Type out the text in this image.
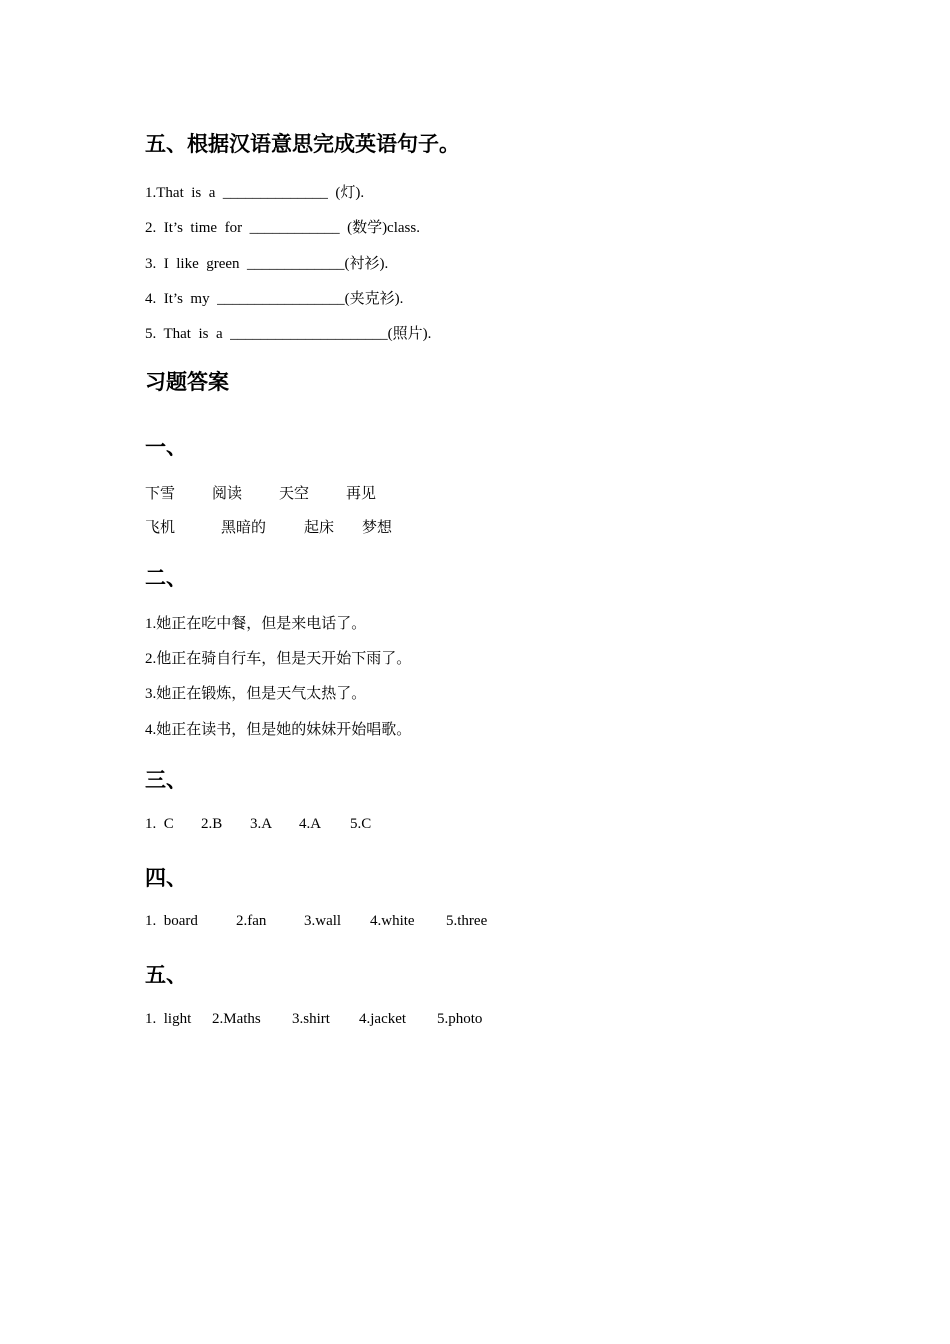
五、根据汉语意思完成英语句子。
1.That  is  a  ______________  (灯).
2.  It’s  time  for  ____________  (数学)class.
3.  I  like  green  _____________(衬衫).
4.  It’s  my  _________________(夹克衫).
5.  That  is  a  _____________________(照片).
习题答案
一、
下雪 阅读 天空 再见
飞机	黑暗的	起床 梦想
二、
1.她正在吃中餐，但是来电话了。
2.他正在骑自行车，但是天开始下雨了。
3.她正在锻炼，但是天气太热了。
4.她正在读书，但是她的妹妹开始唱歌。
三、
1.  C 2.B 3.A 4.A 5.C
四、
1.  board	2.fan	3.wall 4.white 5.three
五、
1.  light 2.Maths 3.shirt 4.jacket 5.photo
